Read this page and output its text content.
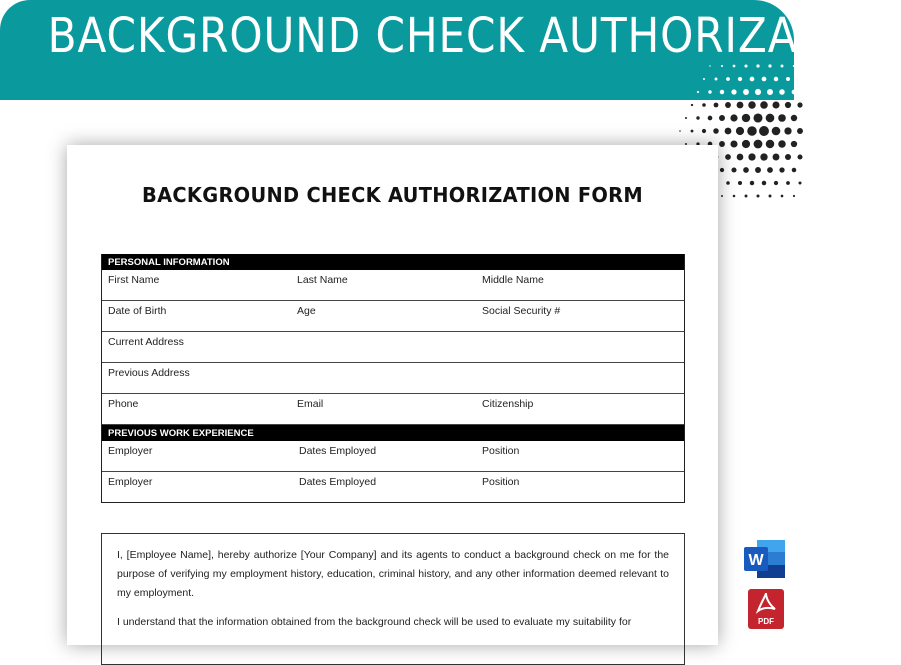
BACKGROUND CHECK AUTHORIZATION
BACKGROUND CHECK AUTHORIZATION FORM
PERSONAL INFORMATION
First Name	Last Name	Middle Name
Date of Birth	Age	Social Security #
Current Address
Previous Address
Phone	Email	Citizenship
PREVIOUS WORK EXPERIENCE
Employer	Dates Employed	Position
Employer	Dates Employed	Position

I, [Employee Name], hereby authorize [Your Company] and its agents to conduct a background check on me for the purpose of verifying my employment history, education, criminal history, and any other information deemed relevant to my employment.

I understand that the information obtained from the background check will be used to evaluate my suitability for

W
PDF
